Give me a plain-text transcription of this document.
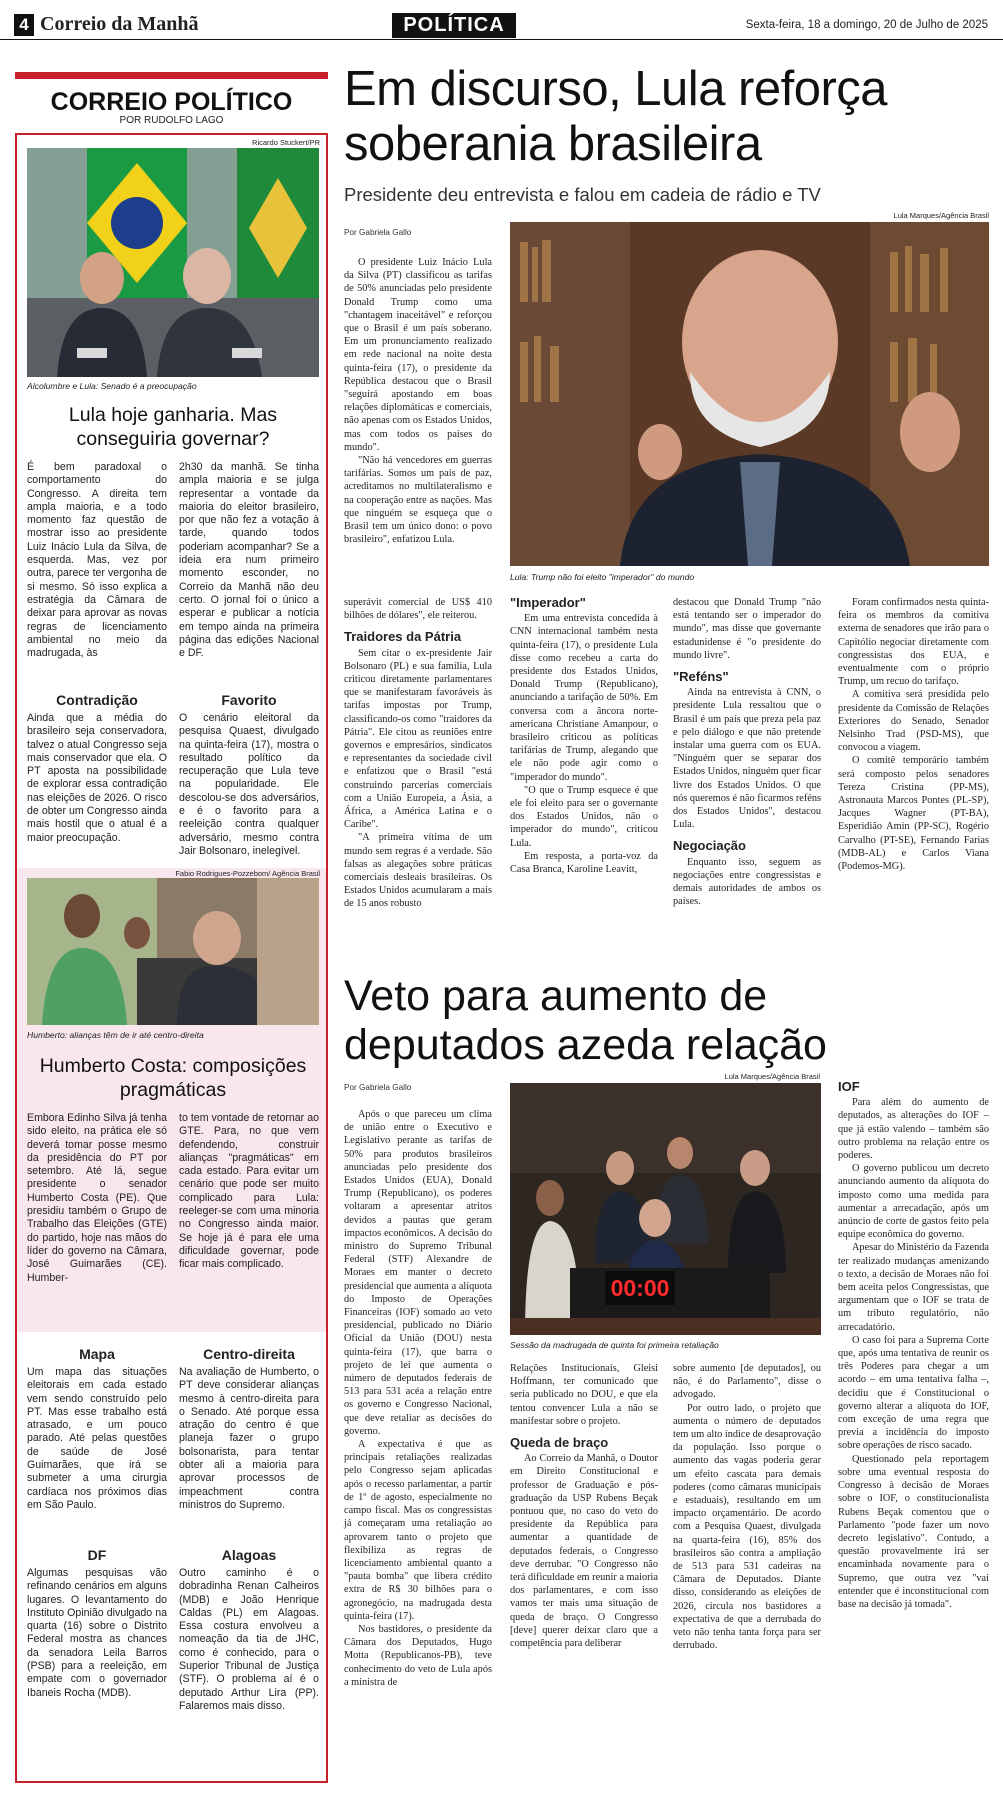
4 Correio da Manhã	POLÍTICA	Sexta-feira, 18 a domingo, 20 de Julho de 2025
CORREIO POLÍTICO
POR RUDOLFO LAGO
Ricardo Stuckert/PR
Alcolumbre e Lula: Senado é a preocupação
Lula hoje ganharia. Mas conseguiria governar?
É bem paradoxal o comportamento do Congresso. A direita tem ampla maioria, e a todo momento faz questão de mostrar isso ao presidente Luiz Inácio Lula da Silva, de esquerda. Mas, vez por outra, parece ter vergonha de si mesmo. Só isso explica a estratégia da Câmara de deixar para aprovar as novas regras de licenciamento ambiental no meio da madrugada, às
2h30 da manhã. Se tinha ampla maioria e se julga representar a vontade da maioria do eleitor brasileiro, por que não fez a votação à tarde, quando todos poderiam acompanhar? Se a ideia era num primeiro momento esconder, no Correio da Manhã não deu certo. O jornal foi o único a esperar e publicar a notícia em tempo ainda na primeira página das edições Nacional e DF.
Contradição
Ainda que a média do brasileiro seja conservadora, talvez o atual Congresso seja mais conservador que ela. O PT aposta na possibilidade de explorar essa contradição nas eleições de 2026. O risco de obter um Congresso ainda mais hostil que o atual é a maior preocupação.
Favorito
O cenário eleitoral da pesquisa Quaest, divulgado na quinta-feira (17), mostra o resultado político da recuperação que Lula teve na popularidade. Ele descolou-se dos adversários, e é o favorito para a reeleição contra qualquer adversário, mesmo contra Jair Bolsonaro, inelegível.
Fabio Rodrigues-Pozzebom/ Agência Brasil
Humberto: alianças têm de ir até centro-direita
Humberto Costa: composições pragmáticas
Embora Edinho Silva já tenha sido eleito, na prática ele só deverá tomar posse mesmo da presidência do PT por setembro. Até lá, segue presidente o senador Humberto Costa (PE). Que presidiu também o Grupo de Trabalho das Eleições (GTE) do partido, hoje nas mãos do líder do governo na Câmara, José Guimarães (CE). Humber-
to tem vontade de retornar ao GTE. Para, no que vem defendendo, construir alianças "pragmáticas" em cada estado. Para evitar um cenário que pode ser muito complicado para Lula: reeleger-se com uma minoria no Congresso ainda maior. Se hoje já é para ele uma dificuldade governar, pode ficar mais complicado.
Mapa
Um mapa das situações eleitorais em cada estado vem sendo construído pelo PT. Mas esse trabalho está atrasado, e um pouco parado. Até pelas questões de saúde de José Guimarães, que irá se submeter a uma cirurgia cardíaca nos próximos dias em São Paulo.
Centro-direita
Na avaliação de Humberto, o PT deve considerar alianças mesmo à centro-direita para o Senado. Até porque essa atração do centro é que planeja fazer o grupo bolsonarista, para tentar obter ali a maioria para aprovar processos de impeachment contra ministros do Supremo.
DF
Algumas pesquisas vão refinando cenários em alguns lugares. O levantamento do Instituto Opinião divulgado na quarta (16) sobre o Distrito Federal mostra as chances da senadora Leila Barros (PSB) para a reeleição, em empate com o governador Ibaneis Rocha (MDB).
Alagoas
Outro caminho é o dobradinha Renan Calheiros (MDB) e João Henrique Caldas (PL) em Alagoas. Essa costura envolveu a nomeação da tia de JHC, como é conhecido, para o Superior Tribunal de Justiça (STF). O problema aí é o deputado Arthur Lira (PP). Falaremos mais disso.
Em discurso, Lula reforça soberania brasileira
Presidente deu entrevista e falou em cadeia de rádio e TV
Por Gabriela Gallo
Lula Marques/Agência Brasil

O presidente Luiz Inácio Lula da Silva (PT) classificou as tarifas de 50% anunciadas pelo presidente Donald Trump como uma "chantagem inaceitável" e reforçou que o Brasil é um país soberano. Em um pronunciamento realizado em rede nacional na noite desta quinta-feira (17), o presidente da República destacou que o Brasil "seguirá apostando em boas relações diplomáticas e comerciais, não apenas com os Estados Unidos, mas com todos os países do mundo".

"Não há vencedores em guerras tarifárias. Somos um país de paz, acreditamos no multilateralismo e na cooperação entre as nações. Mas que ninguém se esqueça que o Brasil tem um único dono: o povo brasileiro", enfatizou Lula.

Lula: Trump não foi eleito "imperador" do mundo

superávit comercial de US$ 410 bilhões de dólares", ele reiterou.

Traidores da Pátria

Sem citar o ex-presidente Jair Bolsonaro (PL) e sua família, Lula criticou diretamente parlamentares que se manifestaram favoráveis às tarifas impostas por Trump, classificando-os como "traidores da Pátria". Ele citou as reuniões entre governos e empresários, sindicatos e representantes da sociedade civil e enfatizou que o Brasil "está construindo parcerias comerciais com a União Europeia, a Ásia, a África, a América Latina e o Caribe".

"A primeira vítima de um mundo sem regras é a verdade. São falsas as alegações sobre práticas comerciais desleais brasileiras. Os Estados Unidos acumularam a mais de 15 anos robusto

"Imperador"

Em uma entrevista concedida à CNN internacional também nesta quinta-feira (17), o presidente Lula disse como recebeu a carta do presidente dos Estados Unidos, Donald Trump (Republicano), anunciando a tarifação de 50%. Em conversa com a âncora norte-americana Christiane Amanpour, o brasileiro criticou as políticas tarifárias de Trump, alegando que ele não pode agir como o "imperador do mundo".

"O que o Trump esquece é que ele foi eleito para ser o governante dos Estados Unidos, não o imperador do mundo", criticou Lula.

Em resposta, a porta-voz da Casa Branca, Karoline Leavitt,

destacou que Donald Trump "não está tentando ser o imperador do mundo", mas disse que governante estadunidense é "o presidente do mundo livre".

"Reféns"

Ainda na entrevista à CNN, o presidente Lula ressaltou que o Brasil é um país que preza pela paz e pelo diálogo e que não pretende instalar uma guerra com os EUA. "Ninguém quer se separar dos Estados Unidos, ninguém quer ficar livre dos Estados Unidos. O que nós queremos é não ficarmos reféns dos Estados Unidos", destacou Lula.

Negociação

Enquanto isso, seguem as negociações entre congressistas e demais autoridades de ambos os países.

Foram confirmados nesta quinta-feira os membros da comitiva externa de senadores que irão para o Capitólio negociar diretamente com congressistas dos EUA, e eventualmente com o próprio Trump, um recuo do tarifaço.

A comitiva será presidida pelo presidente da Comissão de Relações Exteriores do Senado, Senador Nelsinho Trad (PSD-MS), que convocou a viagem.

O comitê temporário também será composto pelos senadores Tereza Cristina (PP-MS), Astronauta Marcos Pontes (PL-SP), Jacques Wagner (PT-BA), Esperidião Amin (PP-SC), Rogério Carvalho (PT-SE), Fernando Farias (MDB-AL) e Carlos Viana (Podemos-MG).

Veto para aumento de deputados azeda relação
Por Gabriela Gallo

Após o que pareceu um clima de união entre o Executivo e Legislativo perante as tarifas de 50% para produtos brasileiros anunciadas pelo presidente dos Estados Unidos (EUA), Donald Trump (Republicano), os poderes voltaram a apresentar atritos devidos a pautas que geram impactos econômicos. A decisão do ministro do Supremo Tribunal Federal (STF) Alexandre de Moraes em manter o decreto presidencial que aumenta a alíquota do Imposto de Operações Financeiras (IOF) somado ao veto presidencial, publicado no Diário Oficial da União (DOU) nesta quinta-feira (17), que barra o projeto de lei que aumenta o número de deputados federais de 513 para 531 acéa a relação entre os governo e Congresso Nacional, que deve retaliar as decisões do governo.

A expectativa é que as principais retaliações realizadas pelo Congresso sejam aplicadas após o recesso parlamentar, a partir de 1º de agosto, especialmente no campo fiscal. Mas os congressistas já começaram uma retaliação ao aprovarem tanto o projeto que flexibiliza as regras de licenciamento ambiental quanto a "pauta bomba" que libera crédito extra de R$ 30 bilhões para o agronegócio, na madrugada desta quinta-feira (17).

Nos bastidores, o presidente da Câmara dos Deputados, Hugo Motta (Republicanos-PB), teve conhecimento do veto de Lula após a ministra de

Lula Marques/Agência Brasil
00:00
Sessão da madrugada de quinta foi primeira retaliação

Relações Institucionais, Gleisi Hoffmann, ter comunicado que seria publicado no DOU, e que ela tentou convencer Lula a não se manifestar sobre o projeto.

Queda de braço

Ao Correio da Manhã, o Doutor em Direito Constitucional e professor de Graduação e pós-graduação da USP Rubens Beçak pontuou que, no caso do veto do presidente da República para aumentar a quantidade de deputados federais, o Congresso deve derrubar. "O Congresso não terá dificuldade em reunir a maioria dos parlamentares, e com isso vamos ter mais uma situação de queda de braço. O Congresso [deve] querer deixar claro que a competência para deliberar

sobre aumento [de deputados], ou não, é do Parlamento", disse o advogado.

Por outro lado, o projeto que aumenta o número de deputados tem um alto índice de desaprovação da população. Isso porque o aumento das vagas poderia gerar um efeito cascata para demais poderes (como câmaras municipais e estaduais), resultando em um impacto orçamentário. De acordo com a Pesquisa Quaest, divulgada na quarta-feira (16), 85% dos brasileiros são contra a ampliação de 513 para 531 cadeiras na Câmara de Deputados. Diante disso, considerando as eleições de 2026, circula nos bastidores a expectativa de que a derrubada do veto não tenha tanta força para ser derrubado.

IOF

Para além do aumento de deputados, as alterações do IOF – que já estão valendo – também são outro problema na relação entre os poderes.

O governo publicou um decreto anunciando aumento da alíquota do imposto como uma medida para aumentar a arrecadação, após um anúncio de corte de gastos feito pela equipe econômica do governo.

Apesar do Ministério da Fazenda ter realizado mudanças amenizando o texto, a decisão de Moraes não foi bem aceita pelos Congressistas, que argumentam que o IOF se trata de um tributo regulatório, não arrecadatório.

O caso foi para a Suprema Corte que, após uma tentativa de reunir os três Poderes para chegar a um acordo – em uma tentativa falha –, decidiu que é Constitucional o governo alterar a alíquota do IOF, com exceção de uma regra que previa a incidência do imposto sobre operações de risco sacado.

Questionado pela reportagem sobre uma eventual resposta do Congresso à decisão de Moraes sobre o IOF, o constitucionalista Rubens Beçak comentou que o Parlamento "pode fazer um novo decreto legislativo". Contudo, a questão provavelmente irá ser encaminhada novamente para o Supremo, que outra vez "vai entender que é inconstitucional com base na decisão já tomada".
